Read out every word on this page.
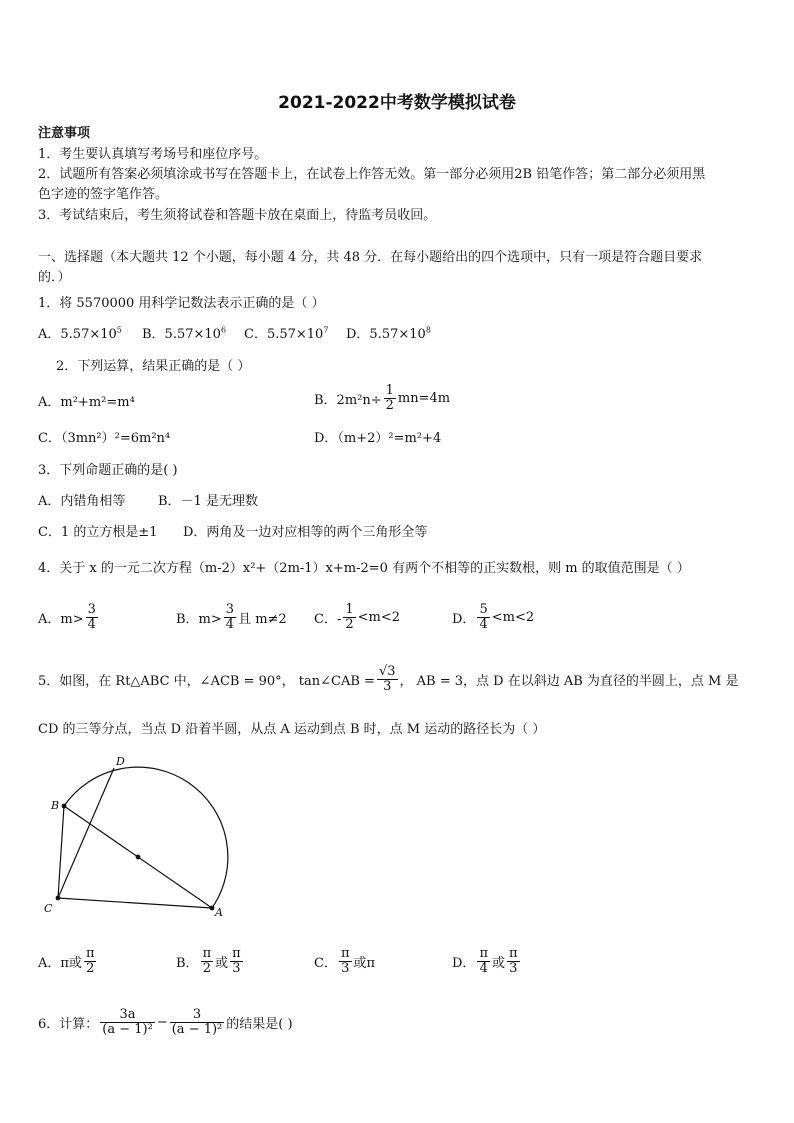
2021-2022中考数学模拟试卷
注意事项
1．考生要认真填写考场号和座位序号。
2．试题所有答案必须填涂或书写在答题卡上，在试卷上作答无效。第一部分必须用2B 铅笔作答；第二部分必须用黑
色字迹的签字笔作答。
3．考试结束后，考生须将试卷和答题卡放在桌面上，待监考员收回。
一、选择题（本大题共 12 个小题，每小题 4 分，共 48 分．在每小题给出的四个选项中，只有一项是符合题目要求
的．）
1．将 5570000 用科学记数法表示正确的是（ ）
A．$5.57\times 10^5$ B．$5.57\times 10^6$ C．$5.57\times 10^7$ D．$5.57\times 10^8$
2．下列运算，结果正确的是（ ）
A．m²+m²=m⁴	B．$2m^2n\div \frac{1}{2} mn=4m$
C．（3mn²）²=6m²n⁴	D．（m+2）²=m²+4
3．下列命题正确的是( )
A．内错角相等	B．－1 是无理数
C．1 的立方根是±1 D．两角及一边对应相等的两个三角形全等
4．关于 x 的一元二次方程（m-2）x²+（2m-1）x+m-2=0 有两个不相等的正实数根，则 m 的取值范围是（ ）
A．$m> \frac{3}{4}$	B．$m> \frac{3}{4}$ 且 m≠2 C．- $\frac{1}{2} <m<2$	D． $\frac{5}{4} <m<2$
5．如图，在 Rt△ABC 中，∠ACB = 90°， tan∠CAB = $\frac{√3}{3}$ ， AB = 3，点 D 在以斜边 AB 为直径的半圆上，点 M 是
CD 的三等分点，当点 D 沿着半圆，从点 A 运动到点 B 时，点 M 运动的路径长为（ ）
D
B
C	A
A．π或 $\frac{\pi}{2}$	B． $\frac{\pi}{2}$ 或 $\frac{\pi}{3}$	C． $\frac{\pi}{3}$ 或π	D． $\frac{\pi}{4}$ 或 $\frac{\pi}{3}$
6．计算： $\frac{3a}{\text{(a − 1)²}} - \frac{3}{\text{(a − 1)²}}$ 的结果是( )
